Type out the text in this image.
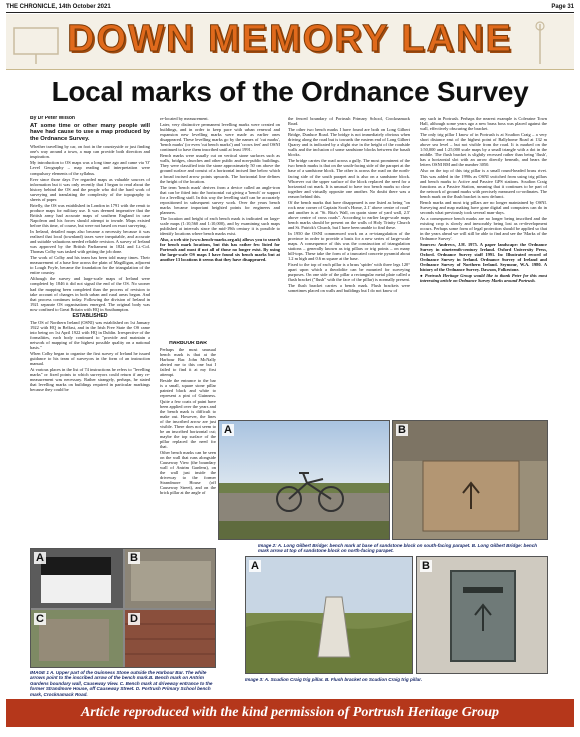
THE CHRONICLE, 14th October 2021	Page 31
DOWN MEMORY LANE
Local marks of the Ordnance Survey

By Dr Peter Wilson

AT some time or other many people will have had cause to use a map produced by the Ordnance Survey.

Whether travelling by car, on foot in the countryside or just finding one's way around a town, a map can provide both direction and inspiration.

My introduction to OS maps was a long time ago and came via 'O' Level Geography – map reading and interpretation were compulsory elements of the syllabus.

Ever since those days I've regarded maps as valuable sources of information but it was only recently that I began to read about the history behind the OS and the people who did the hard work of surveying and translating the complexity of the topography to sheets of paper.

Briefly, the OS was established in London in 1791 with the remit to produce maps for military use. It was deemed imperative that the British army had accurate maps of southern England in case Napoleon and his forces should attempt to invade. Maps existed before this time, of course, but were not based on exact surveying.

In Ireland, detailed maps also became a necessity because it was realised that local (townland) taxes were inequitable, and accurate and suitable valuations needed reliable revision. A survey of Ireland was approved by the British Parliament in 1824 and Lt.-Col. Thomas Colby was tasked with getting the job done.

The work of Colby and his team has been told many times. Their measurement of a base line across the plain of Magilligan, adjacent to Lough Foyle, became the foundation for the triangulation of the entire country.

Although the survey and large-scale maps of Ireland were completed by 1846 it did not signal the end of the OS. No sooner had the mapping been completed than the process of revision to take account of changes in both urban and rural areas began. And that process continues today. Following the division of Ireland in 1921 separate OS organisations emerged. The original body was now confined to Great Britain with HQ in Southampton.

ESTABLISHED

The OS of Northern Ireland (OSNI) was established on 1st January 1922 with HQ in Belfast, and in the Irish Free State the OS came into being on 1st April 1922 with HQ in Dublin. Irrespective of the formalities, each body continued to "provide and maintain a network of mapping of the highest possible quality on a national basis."

When Colby began to organise the first survey of Ireland he issued guidance to his team of surveyors in the form of an instruction manual.

At various places in the list of 74 instructions he refers to "levelling marks" or fixed points to which surveyors could return if any re-measurement was necessary. Rather strangely, perhaps, he stated that levelling marks on buildings required in particular markings because they could be

re-located by measurement.

Later, very distinctive permanent levelling marks were created on buildings, and in order to keep pace with urban renewal and expansion new levelling marks were made as earlier ones disappeared. These levelling marks go by the names of 'cut marks', 'bench marks' (or even 'cut bench marks') and 'crows feet' and OSNI continued to have them inscribed until at least 1991.

Bench marks were usually cut on vertical stone surfaces such as walls, bridges, churches and other public and non-public buildings. They were classified into the stone approximately 50 cm above the ground surface and consist of a horizontal incised line below which a broad incised arrow points upwards. The horizontal line defines the height of the location.

The term 'bench mark' derives from a device called an angle-iron that can be fitted into the horizontal cut giving a 'bench' or support for a levelling staff. In this way the levelling staff can be accurately repositioned in subsequent survey work. Over the years bench marks became important heighted points for engineers and planners.

The location and height of each bench mark is indicated on large-scale maps (1:10,560 and 1:10,000), and by examining such maps published at intervals since the mid-19th century it is possible to identify locations where bench marks exist.

Also, a web site (www.bench-marks.org.uk) allows you to search for bench mark locations, but this has rather few listed for Portrush and most if not all of those no longer exist. By using the large-scale OS maps I have found six bench marks but at another 13 locations it seems that they have disappeared.

HARBOUR BAR

Perhaps the most unusual bench mark is that at the Harbour Bar. John McNally alerted me to this one but I failed to find it at my first attempt.

Beside the entrance to the bar is a small, square stone pillar painted black and white to represent a pint of Guinness. Quite a few coats of paint have been applied over the years and the bench mark is difficult to make out. However, the lines of the inscribed arrow are just visible. There does not seem to be an inscribed horizontal cut; maybe the top surface of the pillar replaced the need for that.

Other bench marks can be seen on the wall that runs alongside Causeway View (the boundary wall of Antrim Gardens), on the wall just inside the driveway to the former Strandmore House (off Causeway Street), and on the brick pillar at the angle of

the fenced boundary of Portrush Primary School, Crocknamack Road.

The other two bench marks I have found are both on Long Gilbert Bridge, Dunluce Road. The bridge is not immediately obvious when driving along the road but is towards the eastern end of Long Gilbert Quarry and is indicated by a slight rise in the height of the roadside walls and the inclusion of some sandstone blocks between the basalt blocks.

The bridge carries the road across a gully. The most prominent of the two bench marks is that on the south-facing side of the parapet at the base of a sandstone block. The other is across the road on the north-facing side of the south parapet and is also on a sandstone block. Whoever cut the upper surface of the block replaced the need for a horizontal cut mark. It is unusual to have two bench marks so close together and virtually opposite one another. No doubt there was a reason behind this.

Of the bench marks that have disappeared is one listed as being "on rock near corner of Captain Scott's Home, 2.1' above centre of road" and another is at "St. Rita's Wall, on quoin stone of yard wall, 2.5' above centre of cross roads". According to earlier large-scale maps bench marks should be present on the walls of Holy Trinity Church and St. Patrick's Church, but I have been unable to find these.

In 1950 the OSNI commenced work on a re-triangulation of the province in order to provide a basis for a new series of large-scale maps. A consequence of this was the construction of triangulation stations – generally known as trig pillars or trig points – on many hill-tops. These take the form of a truncated concrete pyramid about 1.2 m high and 0.6 m square at the base.

Fixed to the top of each pillar is a brass 'spider' with three legs 120° apart upon which a theodolite can be mounted for surveying purposes. On one side of the pillar a rectangular metal plate called a flush bracket ("flush" with the face of the pillar) is normally present. The flush bracket carries a bench mark. Flush brackets were sometimes placed on walls and buildings but I do not know of

any such in Portrush. Perhaps the nearest example is Coleraine Town Hall, although some years ago a new brass boss was placed against the wall, effectively obscuring the bracket.

The only trig pillar I know of in Portrush is at Scudion Craig – a very short distance east of the highest point of Ballyhome Road at 132 m above sea level – but not visible from the road. It is marked on the 1:50,000 and 1:25,000 scale maps by a small triangle with a dot in the middle. The flush bracket is slightly recessed rather than being 'flush', has a horizontal slot with an arrow directly beneath, and bears the letters OSNI BM and the number 3050.

Also on the top of this trig pillar is a small round-headed brass rivet. This was added in the 1990s as OSNI switched from using trig pillars and bench marks to Active and Passive GPS stations. Scudion Craig functions as a Passive Station, meaning that it continues to be part of the network of ground marks with precisely measured co-ordinates. The bench mark on the flush bracket is now defunct.

Bench marks and most trig pillars are no longer maintained by OSNI. Surveying and map making have gone digital and computers can do in seconds what previously took several man-days.

As a consequence bench marks are no longer being inscribed and the existing crop is slowly and inexorably being lost as re-development occurs. Perhaps some form of legal protection should be applied so that in the years ahead we will still be able to find and see the 'Marks of the Ordnance Survey'.

Sources: Andrews, J.H. 1975. A paper landscape: the Ordnance Survey in nineteenth-century Ireland. Oxford University Press, Oxford. Ordnance Survey staff 1991. In: Illustrated record of Ordnance Survey in Ireland. Ordnance Survey of Ireland and Ordnance Survey of Northern Ireland. Seymour, W.A. 1980. A history of the Ordnance Survey. Dawson, Folkestone.

● Portrush Heritage Group would like to thank Peter for this most interesting article on Ordnance Survey Marks around Portrush.

A	B
Image 2: A. Long Gilbert Bridge: bench mark at base of sandstone block on south-facing parapet. B. Long Gilbert Bridge: bench mark arrow at top of sandstone block on north-facing parapet.
A	B
C	D
IMAGE 1 A. Upper part of the Guinness Stone outside the Harbour Bar. The white arrows point to the inscribed arrow of the bench mark.B. Bench mark on Antrim Gardens boundary wall, Causeway View. C. Bench mark at driveway entrance to the former Strandmore House, off Causeway Street. D. Portrush Primary School bench mark, Crocknamack Road.
A	B
Image 3: A. Scudion Craig trig pillar. B. Flush bracket on Scudion Craig trig pillar.
Article reproduced with the kind permission of Portrush Heritage Group
